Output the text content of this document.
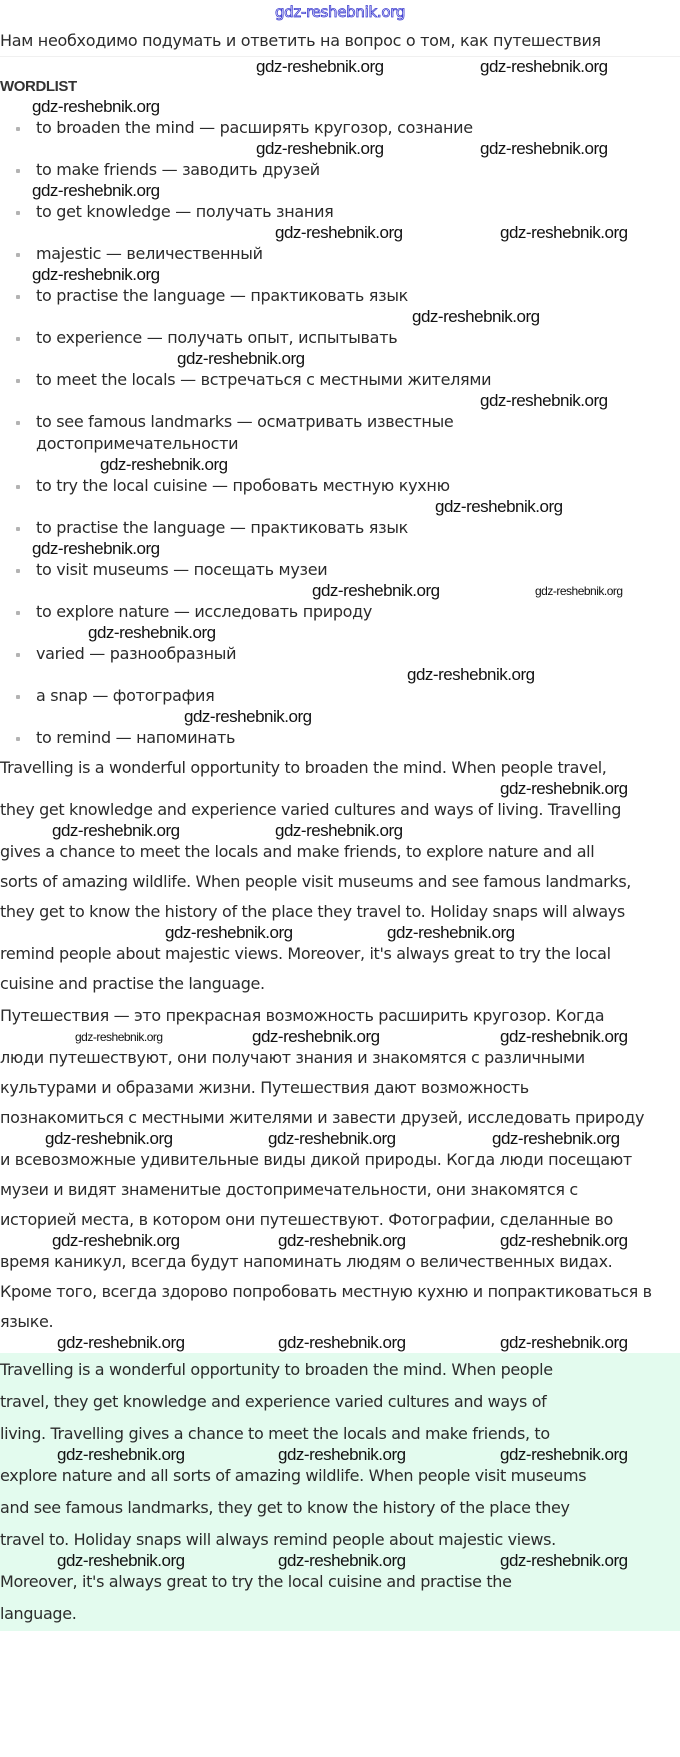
gdz-reshebnik.org
Нам необходимо подумать и ответить на вопрос о том, как путешествия
gdz-reshebnik.org	gdz-reshebnik.org
WORDLIST
gdz-reshebnik.org
to broaden the mind — расширять кругозор, сознание
gdz-reshebnik.org	gdz-reshebnik.org
to make friends — заводить друзей
gdz-reshebnik.org
to get knowledge — получать знания
gdz-reshebnik.org	gdz-reshebnik.org
majestic — величественный
gdz-reshebnik.org
to practise the language — практиковать язык
gdz-reshebnik.org
to experience — получать опыт, испытывать
gdz-reshebnik.org
to meet the locals — встречаться с местными жителями
gdz-reshebnik.org
to see famous landmarks — осматривать известные
достопримечательности
gdz-reshebnik.org
to try the local cuisine — пробовать местную кухню
gdz-reshebnik.org
to practise the language — практиковать язык
gdz-reshebnik.org
to visit museums — посещать музеи
gdz-reshebnik.org	gdz-reshebnik.org
to explore nature — исследовать природу
gdz-reshebnik.org
varied — разнообразный
gdz-reshebnik.org
a snap — фотография
gdz-reshebnik.org
to remind — напоминать
Travelling is a wonderful opportunity to broaden the mind. When people travel,
gdz-reshebnik.org
they get knowledge and experience varied cultures and ways of living. Travelling
gdz-reshebnik.org	gdz-reshebnik.org
gives a chance to meet the locals and make friends, to explore nature and all
sorts of amazing wildlife. When people visit museums and see famous landmarks,
they get to know the history of the place they travel to. Holiday snaps will always
gdz-reshebnik.org	gdz-reshebnik.org
remind people about majestic views. Moreover, it's always great to try the local
cuisine and practise the language.
Путешествия — это прекрасная возможность расширить кругозор. Когда
gdz-reshebnik.org	gdz-reshebnik.org	gdz-reshebnik.org
люди путешествуют, они получают знания и знакомятся с различными
культурами и образами жизни. Путешествия дают возможность
познакомиться с местными жителями и завести друзей, исследовать природу
gdz-reshebnik.org	gdz-reshebnik.org	gdz-reshebnik.org
и всевозможные удивительные виды дикой природы. Когда люди посещают
музеи и видят знаменитые достопримечательности, они знакомятся с
историей места, в котором они путешествуют. Фотографии, сделанные во
gdz-reshebnik.org	gdz-reshebnik.org	gdz-reshebnik.org
время каникул, всегда будут напоминать людям о величественных видах.
Кроме того, всегда здорово попробовать местную кухню и попрактиковаться в
языке.
gdz-reshebnik.org	gdz-reshebnik.org	gdz-reshebnik.org
Travelling is a wonderful opportunity to broaden the mind. When people
travel, they get knowledge and experience varied cultures and ways of
living. Travelling gives a chance to meet the locals and make friends, to
gdz-reshebnik.org	gdz-reshebnik.org	gdz-reshebnik.org
explore nature and all sorts of amazing wildlife. When people visit museums
and see famous landmarks, they get to know the history of the place they
travel to. Holiday snaps will always remind people about majestic views.
gdz-reshebnik.org	gdz-reshebnik.org	gdz-reshebnik.org
Moreover, it's always great to try the local cuisine and practise the
language.
